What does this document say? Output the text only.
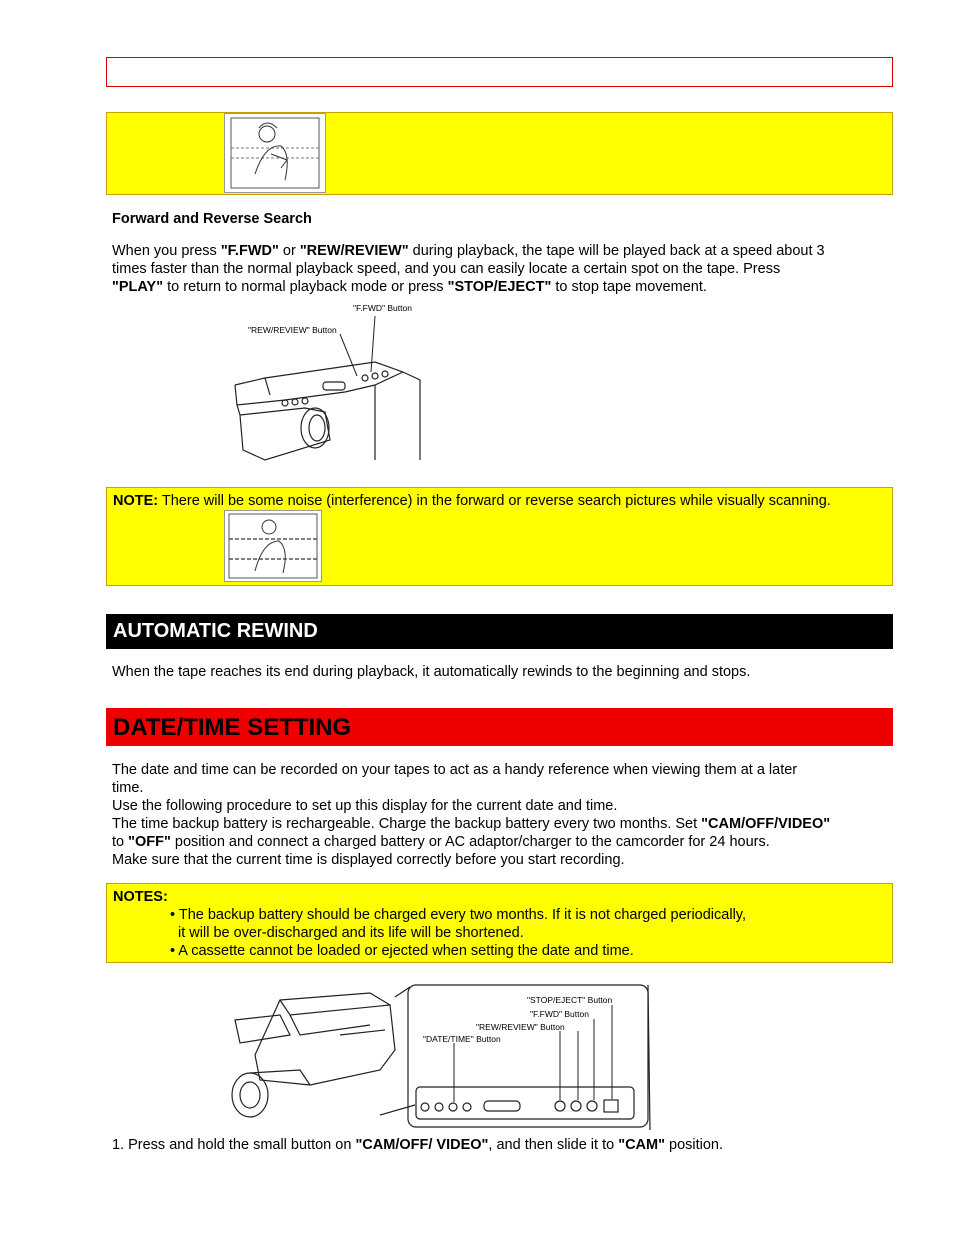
Forward and Reverse Search
When you press "F.FWD" or "REW/REVIEW" during playback, the tape will be played back at a speed about 3
times faster than the normal playback speed, and you can easily locate a certain spot on the tape. Press
"PLAY" to return to normal playback mode or press "STOP/EJECT" to stop tape movement.
"F.FWD" Button
"REW/REVIEW" Button
NOTE: There will be some noise (interference) in the forward or reverse search pictures while visually scanning.
AUTOMATIC REWIND
When the tape reaches its end during playback, it automatically rewinds to the beginning and stops.
DATE/TIME SETTING
The date and time can be recorded on your tapes to act as a handy reference when viewing them at a later
time.
Use the following procedure to set up this display for the current date and time.
The time backup battery is rechargeable. Charge the backup battery every two months. Set "CAM/OFF/VIDEO"
to "OFF" position and connect a charged battery or AC adaptor/charger to the camcorder for 24 hours.
Make sure that the current time is displayed correctly before you start recording.
NOTES:
• The backup battery should be charged every two months. If it is not charged periodically,
it will be over-discharged and its life will be shortened.
• A cassette cannot be loaded or ejected when setting the date and time.
"STOP/EJECT" Button
"F.FWD" Button
"REW/REVIEW" Button
"DATE/TIME" Button
1. Press and hold the small button on "CAM/OFF/ VIDEO", and then slide it to "CAM" position.
